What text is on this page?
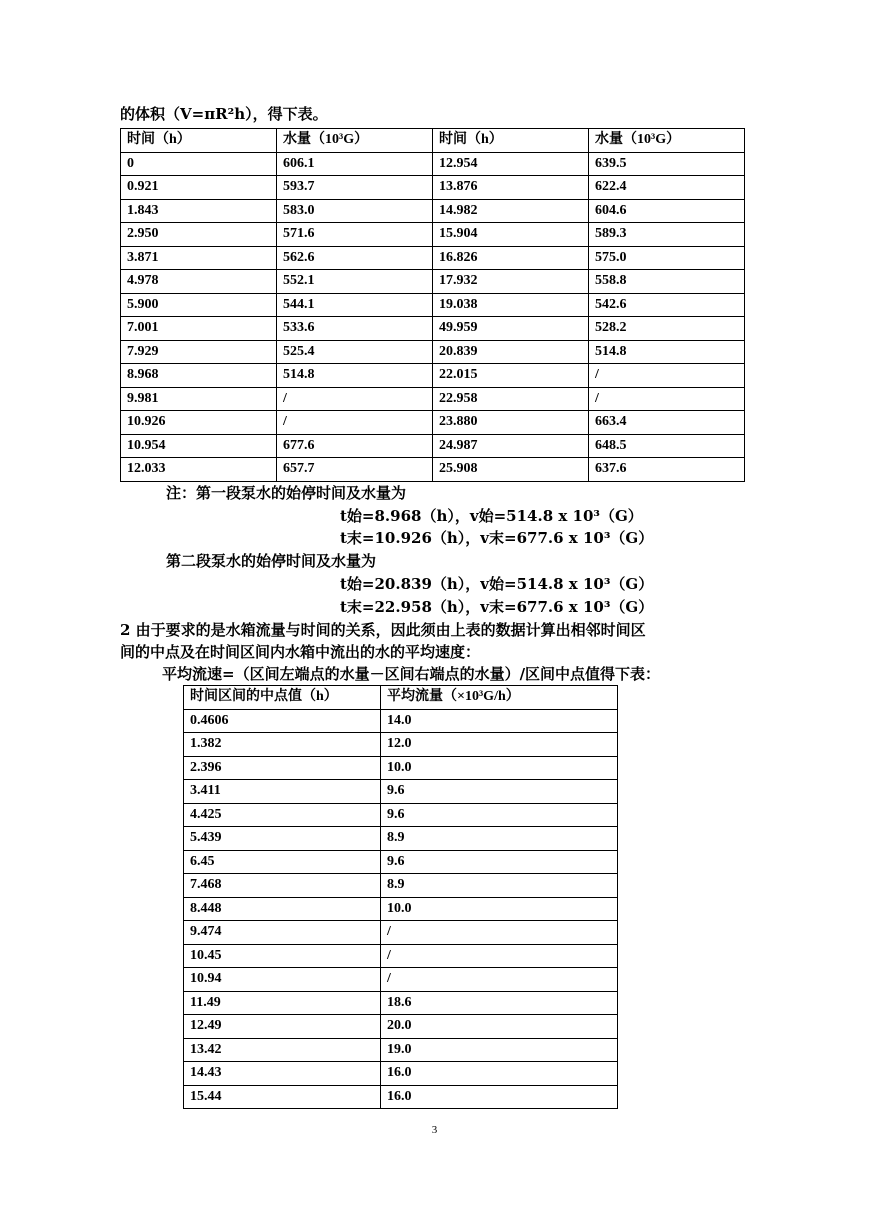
的体积（V=πR²h），得下表。
时间（h）	水量（10³G）	时间（h）	水量（10³G）
0	606.1	12.954	639.5
0.921	593.7	13.876	622.4
1.843	583.0	14.982	604.6
2.950	571.6	15.904	589.3
3.871	562.6	16.826	575.0
4.978	552.1	17.932	558.8
5.900	544.1	19.038	542.6
7.001	533.6	49.959	528.2
7.929	525.4	20.839	514.8
8.968	514.8	22.015	/
9.981	/	22.958	/
10.926	/	23.880	663.4
10.954	677.6	24.987	648.5
12.033	657.7	25.908	637.6
注：第一段泵水的始停时间及水量为
t始=8.968（h），v始=514.8 x 10³（G）
t末=10.926（h），v末=677.6 x 10³（G）
第二段泵水的始停时间及水量为
t始=20.839（h），v始=514.8 x 10³（G）
t末=22.958（h），v末=677.6 x 10³（G）
2 由于要求的是水箱流量与时间的关系，因此须由上表的数据计算出相邻时间区
间的中点及在时间区间内水箱中流出的水的平均速度：
平均流速=（区间左端点的水量－区间右端点的水量）/区间中点值得下表：
时间区间的中点值（h）	平均流量（×10³G/h）
0.4606	14.0
1.382	12.0
2.396	10.0
3.411	9.6
4.425	9.6
5.439	8.9
6.45	9.6
7.468	8.9
8.448	10.0
9.474	/
10.45	/
10.94	/
11.49	18.6
12.49	20.0
13.42	19.0
14.43	16.0
15.44	16.0
3
